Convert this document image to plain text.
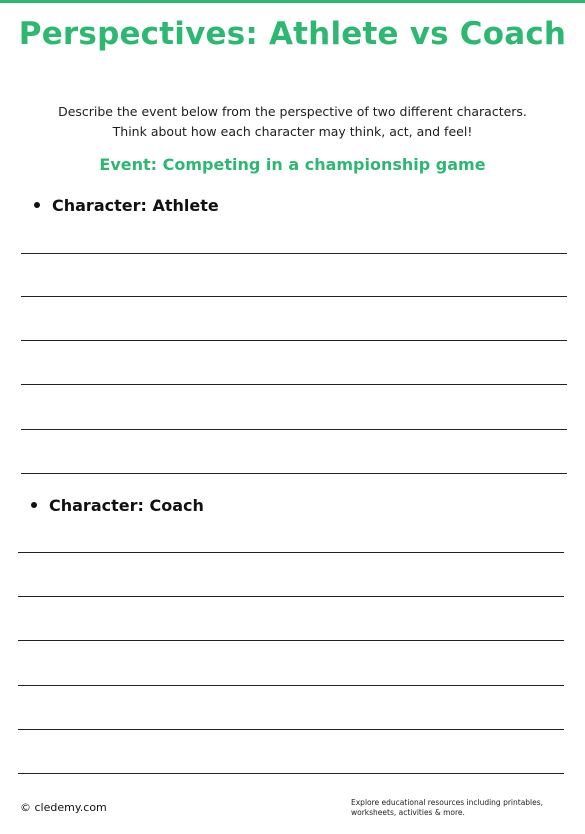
Perspectives: Athlete vs Coach
Describe the event below from the perspective of two different characters. Think about how each character may think, act, and feel!
Event: Competing in a championship game
Character: Athlete
Character: Coach
© cledemy.com	Explore educational resources including printables, worksheets, activities & more.
